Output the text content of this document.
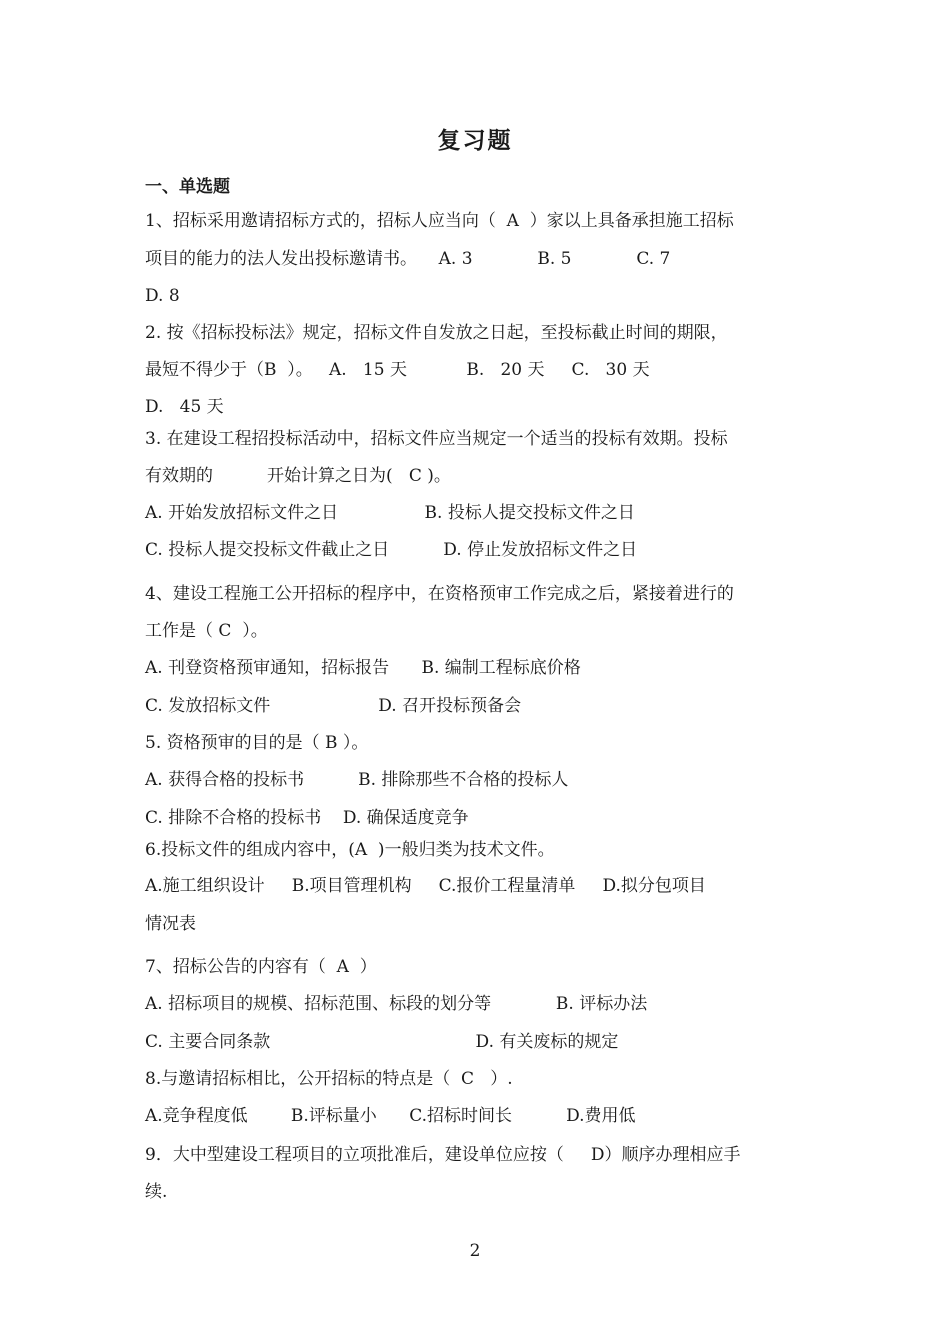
复习题
一、单选题
1、招标采用邀请招标方式的，招标人应当向（  A  ）家以上具备承担施工招标
项目的能力的法人发出投标邀请书。    A. 3            B. 5            C. 7
D. 8
2. 按《招标投标法》规定，招标文件自发放之日起，至投标截止时间的期限，
最短不得少于（B  ）。   A.   15 天           B.   20 天     C.   30 天
D.   45 天
3. 在建设工程招投标活动中，招标文件应当规定一个适当的投标有效期。投标
有效期的          开始计算之日为(   C )。
A. 开始发放招标文件之日                B. 投标人提交投标文件之日
C. 投标人提交投标文件截止之日          D. 停止发放招标文件之日
4、建设工程施工公开招标的程序中，在资格预审工作完成之后，紧接着进行的
工作是（ C  ）。
A. 刊登资格预审通知，招标报告      B. 编制工程标底价格
C. 发放招标文件                    D. 召开投标预备会
5. 资格预审的目的是（ B ）。
A. 获得合格的投标书          B. 排除那些不合格的投标人
C. 排除不合格的投标书    D. 确保适度竞争
6.投标文件的组成内容中，(A  )一般归类为技术文件。
A.施工组织设计     B.项目管理机构     C.报价工程量清单     D.拟分包项目
情况表
7、招标公告的内容有（  A  ）
A. 招标项目的规模、招标范围、标段的划分等            B. 评标办法
C. 主要合同条款                                      D. 有关废标的规定
8.与邀请招标相比，公开招标的特点是（  C   ）.
A.竞争程度低        B.评标量小      C.招标时间长          D.费用低
9．大中型建设工程项目的立项批准后，建设单位应按（     D）顺序办理相应手
续.
2
